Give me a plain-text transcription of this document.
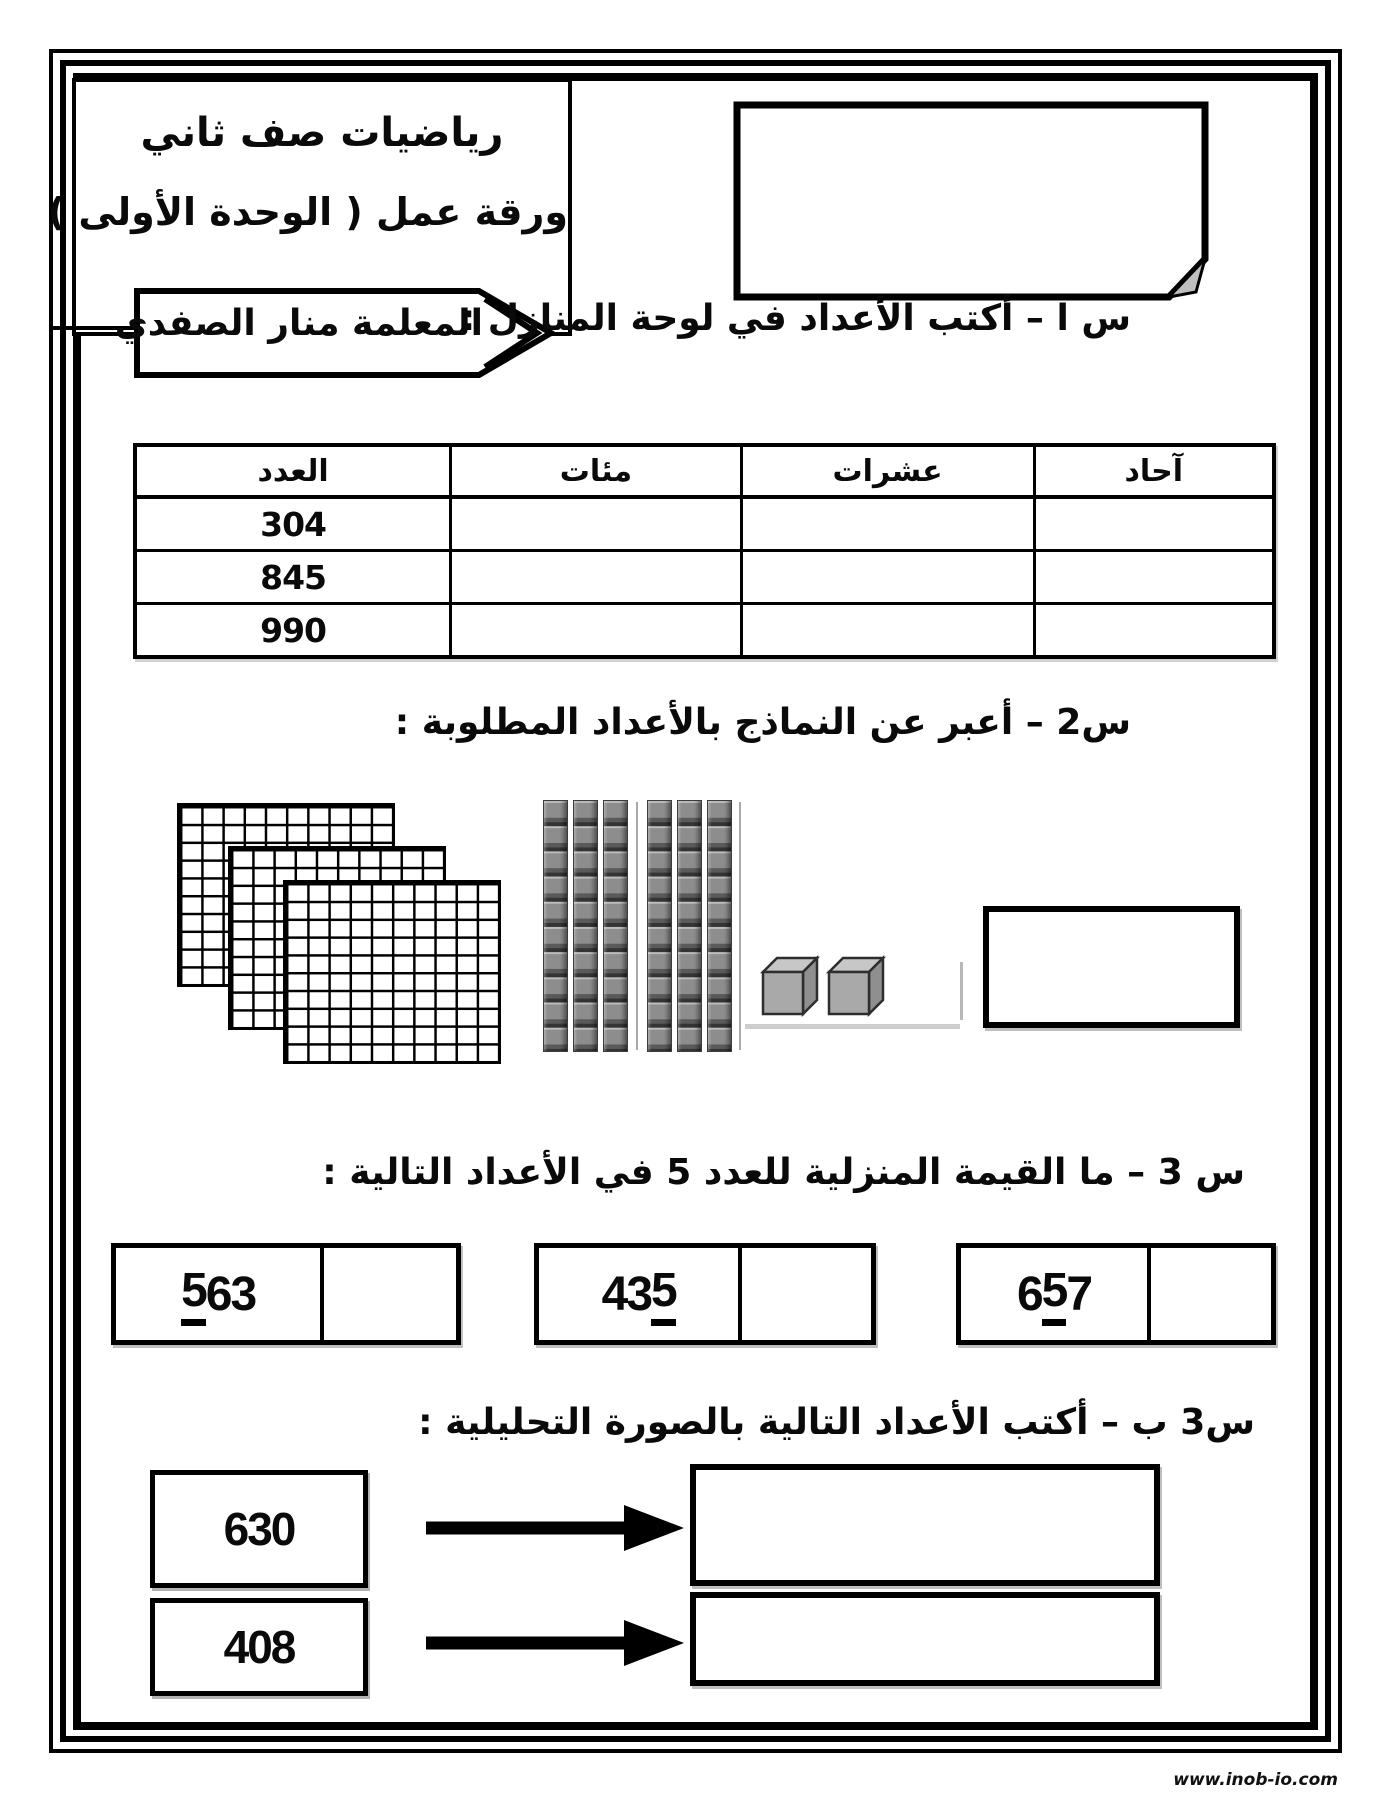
رياضيات صف ثاني
ورقة عمل ( الوحدة الأولى )
المعلمة منار الصفدي
س ا – أكتب الأعداد في لوحة المنازل :
العدد	مئات	عشرات	آحاد
304
845
990
س2 – أعبر عن النماذج بالأعداد المطلوبة :
س 3 – ما القيمة المنزلية للعدد 5 في الأعداد التالية :
5 63	43 5	6 5 7
س3 ب – أكتب الأعداد التالية بالصورة التحليلية :
630
408
www.inob-io.com
